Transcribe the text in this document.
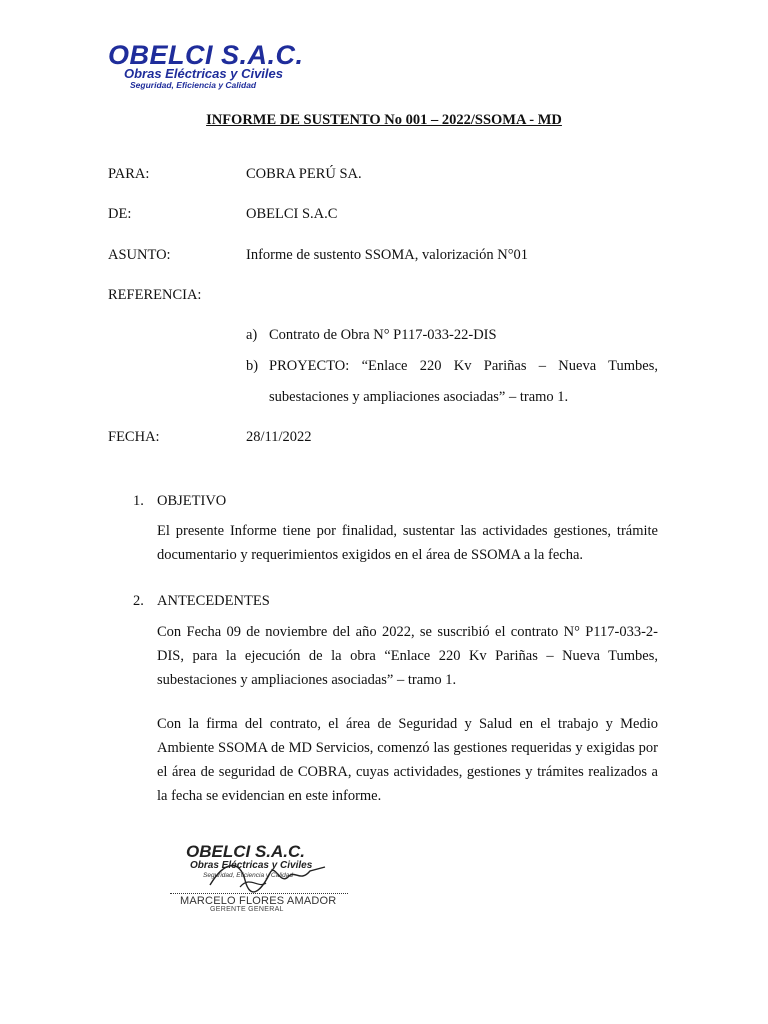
OBELCI S.A.C.
Obras Eléctricas y Civiles
Seguridad, Eficiencia y Calidad
INFORME DE SUSTENTO No 001 – 2022/SSOMA - MD
PARA:	COBRA PERÚ SA.
DE:	OBELCI S.A.C
ASUNTO:	Informe de sustento SSOMA, valorización N°01
REFERENCIA:
a) Contrato de Obra N° P117-033-22-DIS
b) PROYECTO: “Enlace 220 Kv Pariñas – Nueva Tumbes,
subestaciones y ampliaciones asociadas” – tramo 1.
FECHA:	28/11/2022
1. OBJETIVO
El presente Informe tiene por finalidad, sustentar las actividades gestiones, trámite documentario y requerimientos exigidos en el área de SSOMA a la fecha.
2. ANTECEDENTES
Con Fecha 09 de noviembre del año 2022, se suscribió el contrato N° P117-033-2-DIS, para la ejecución de la obra “Enlace 220 Kv Pariñas – Nueva Tumbes, subestaciones y ampliaciones asociadas” – tramo 1.
Con la firma del contrato, el área de Seguridad y Salud en el trabajo y Medio Ambiente SSOMA de MD Servicios, comenzó las gestiones requeridas y exigidas por el área de seguridad de COBRA, cuyas actividades, gestiones y trámites realizados a la fecha se evidencian en este informe.
OBELCI S.A.C.
Obras Eléctricas y Civiles
Seguridad, Eficiencia y Calidad
MARCELO FLORES AMADOR
GERENTE GENERAL
